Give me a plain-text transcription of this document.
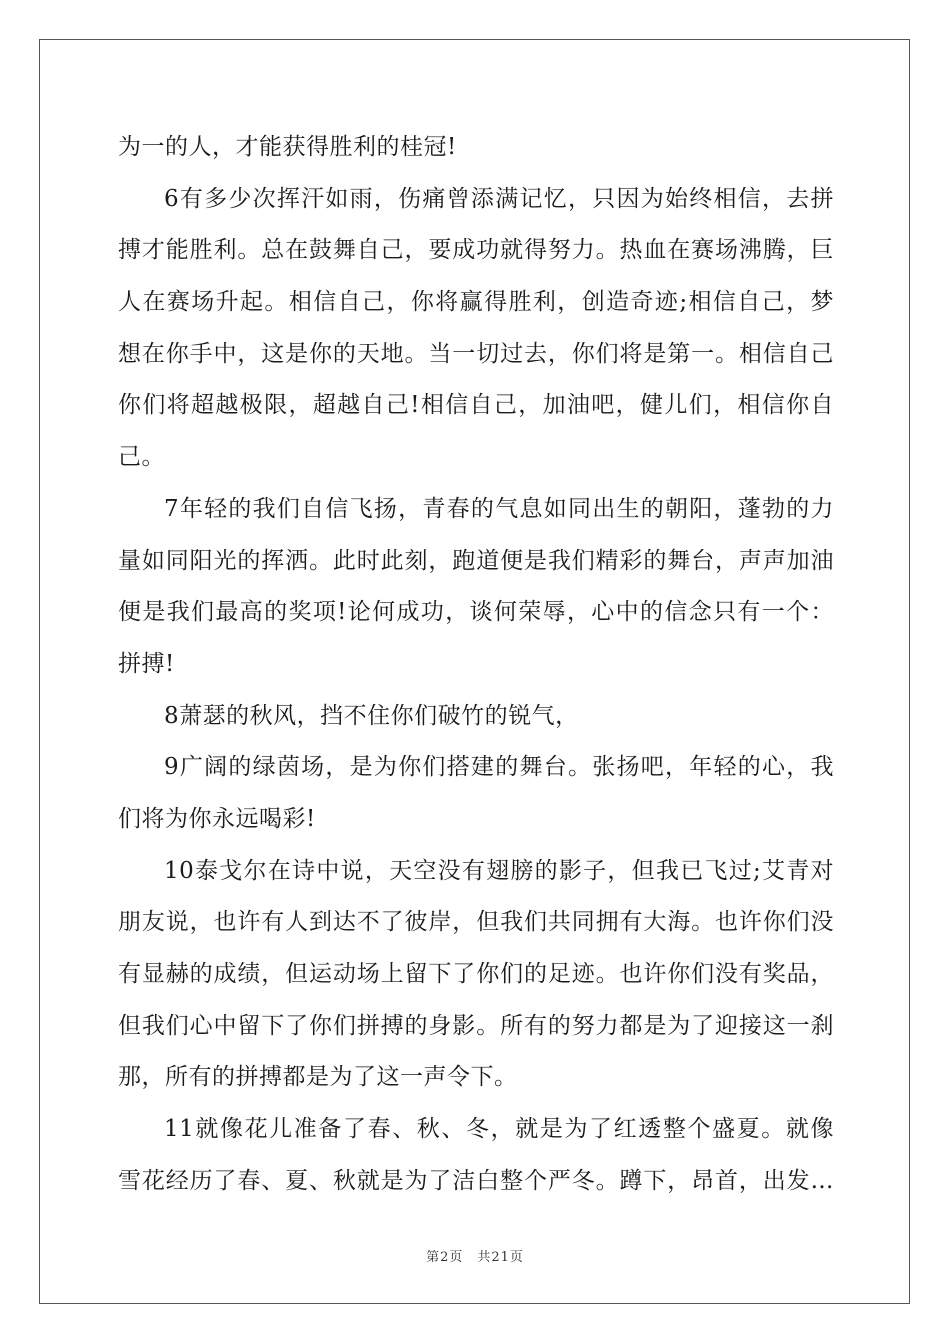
为一的人，才能获得胜利的桂冠!
6有多少次挥汗如雨，伤痛曾添满记忆，只因为始终相信，去拼
搏才能胜利。总在鼓舞自己，要成功就得努力。热血在赛场沸腾，巨
人在赛场升起。相信自己，你将赢得胜利，创造奇迹;相信自己，梦
想在你手中，这是你的天地。当一切过去，你们将是第一。相信自己
你们将超越极限，超越自己!相信自己，加油吧，健儿们，相信你自
己。
7年轻的我们自信飞扬，青春的气息如同出生的朝阳，蓬勃的力
量如同阳光的挥洒。此时此刻，跑道便是我们精彩的舞台，声声加油
便是我们最高的奖项!论何成功，谈何荣辱，心中的信念只有一个：
拼搏!
8萧瑟的秋风，挡不住你们破竹的锐气，
9广阔的绿茵场，是为你们搭建的舞台。张扬吧，年轻的心，我
们将为你永远喝彩!
10泰戈尔在诗中说，天空没有翅膀的影子，但我已飞过;艾青对
朋友说，也许有人到达不了彼岸，但我们共同拥有大海。也许你们没
有显赫的成绩，但运动场上留下了你们的足迹。也许你们没有奖品，
但我们心中留下了你们拼搏的身影。所有的努力都是为了迎接这一刹
那，所有的拼搏都是为了这一声令下。
11就像花儿准备了春、秋、冬，就是为了红透整个盛夏。就像
雪花经历了春、夏、秋就是为了洁白整个严冬。蹲下，昂首，出发…
第2页 共21页
